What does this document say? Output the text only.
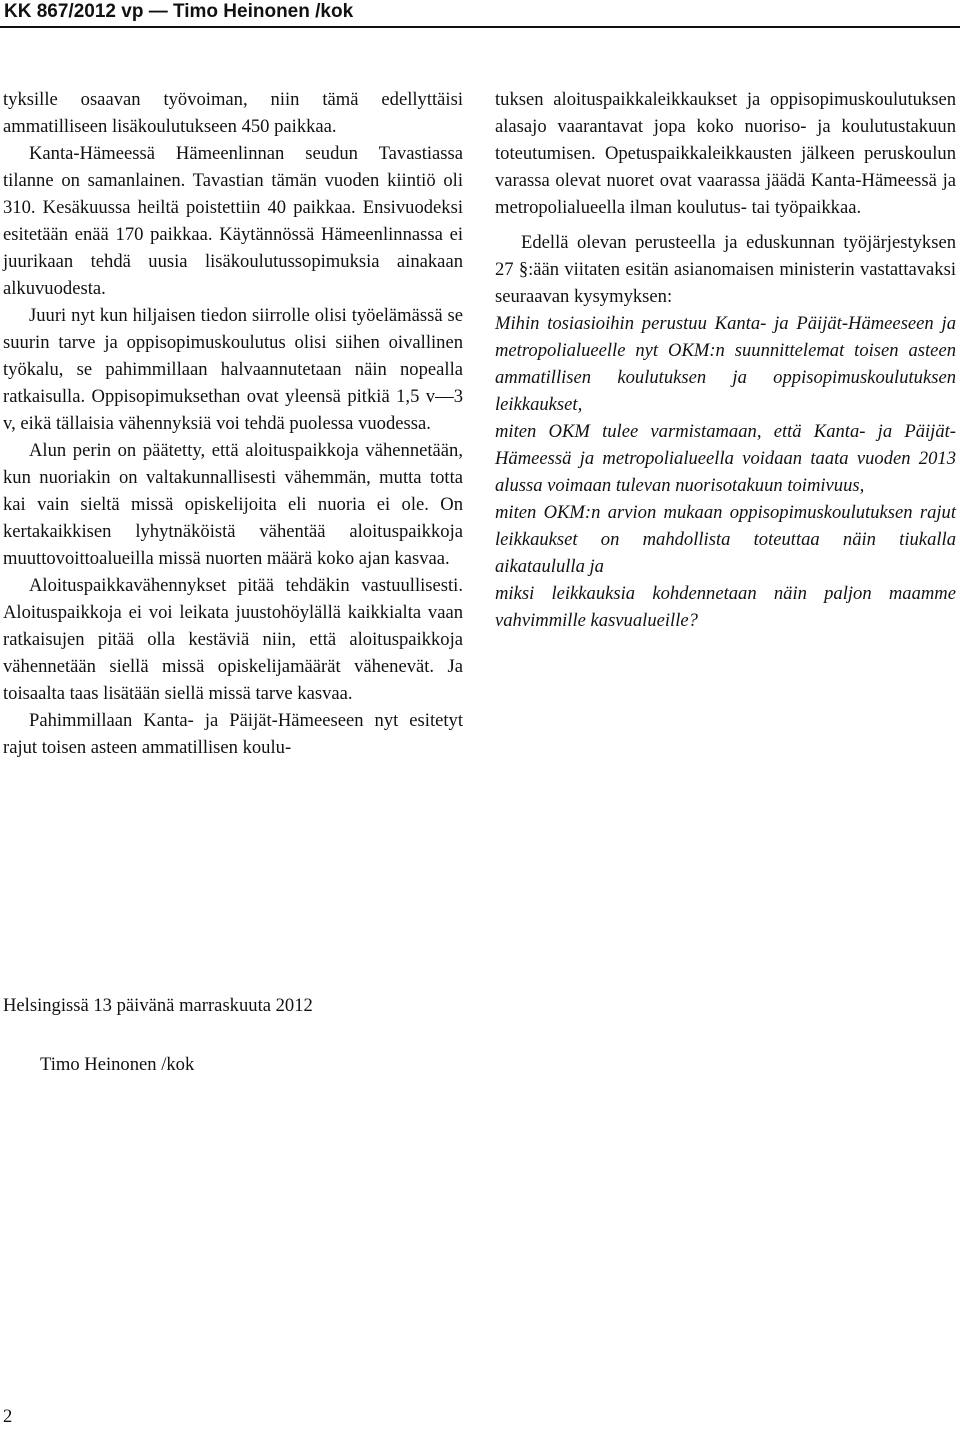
KK 867/2012 vp — Timo Heinonen /kok

tyksille osaavan työvoiman, niin tämä edellyttäisi ammatilliseen lisäkoulutukseen 450 paikkaa.

Kanta-Hämeessä Hämeenlinnan seudun Tavastiassa tilanne on samanlainen. Tavastian tämän vuoden kiintiö oli 310. Kesäkuussa heiltä poistettiin 40 paikkaa. Ensivuodeksi esitetään enää 170 paikkaa. Käytännössä Hämeenlinnassa ei juurikaan tehdä uusia lisäkoulutussopimuksia ainakaan alkuvuodesta.

Juuri nyt kun hiljaisen tiedon siirrolle olisi työelämässä se suurin tarve ja oppisopimuskoulutus olisi siihen oivallinen työkalu, se pahimmillaan halvaannutetaan näin nopealla ratkaisulla. Oppisopimuksethan ovat yleensä pitkiä 1,5 v—3 v, eikä tällaisia vähennyksiä voi tehdä puolessa vuodessa.

Alun perin on päätetty, että aloituspaikkoja vähennetään, kun nuoriakin on valtakunnallisesti vähemmän, mutta totta kai vain sieltä missä opiskelijoita eli nuoria ei ole. On kertakaikkisen lyhytnäköistä vähentää aloituspaikkoja muuttovoittoalueilla missä nuorten määrä koko ajan kasvaa.

Aloituspaikkavähennykset pitää tehdäkin vastuullisesti. Aloituspaikkoja ei voi leikata juustohöylällä kaikkialta vaan ratkaisujen pitää olla kestäviä niin, että aloituspaikkoja vähennetään siellä missä opiskelijamäärät vähenevät. Ja toisaalta taas lisätään siellä missä tarve kasvaa.

Pahimmillaan Kanta- ja Päijät-Hämeeseen nyt esitetyt rajut toisen asteen ammatillisen koulu-

tuksen aloituspaikkaleikkaukset ja oppisopimuskoulutuksen alasajo vaarantavat jopa koko nuoriso- ja koulutustakuun toteutumisen. Opetuspaikkaleikkausten jälkeen peruskoulun varassa olevat nuoret ovat vaarassa jäädä Kanta-Hämeessä ja metropolialueella ilman koulutus- tai työpaikkaa.

Edellä olevan perusteella ja eduskunnan työjärjestyksen 27 §:ään viitaten esitän asianomaisen ministerin vastattavaksi seuraavan kysymyksen:

Mihin tosiasioihin perustuu Kanta- ja Päijät-Hämeeseen ja metropolialueelle nyt OKM:n suunnittelemat toisen asteen ammatillisen koulutuksen ja oppisopimuskoulutuksen leikkaukset,

miten OKM tulee varmistamaan, että Kanta- ja Päijät-Hämeessä ja metropolialueella voidaan taata vuoden 2013 alussa voimaan tulevan nuorisotakuun toimivuus,

miten OKM:n arvion mukaan oppisopimuskoulutuksen rajut leikkaukset on mahdollista toteuttaa näin tiukalla aikataululla ja

miksi leikkauksia kohdennetaan näin paljon maamme vahvimmille kasvualueille?

Helsingissä 13 päivänä marraskuuta 2012
Timo Heinonen /kok
2
